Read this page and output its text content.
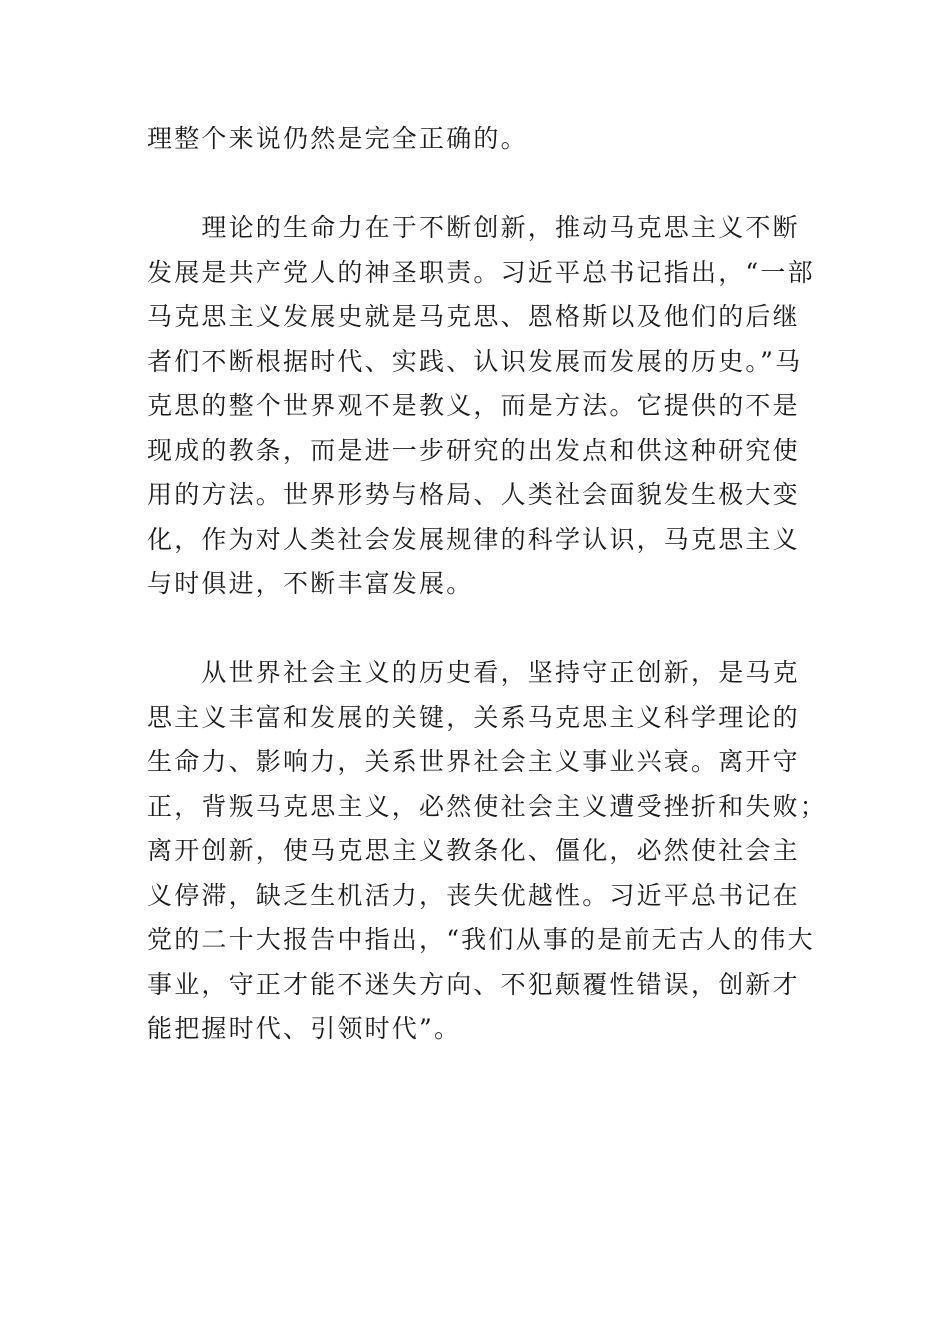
理整个来说仍然是完全正确的。
　　理论的生命力在于不断创新，推动马克思主义不断
发展是共产党人的神圣职责。习近平总书记指出，“一部
马克思主义发展史就是马克思、恩格斯以及他们的后继
者们不断根据时代、实践、认识发展而发展的历史。”马
克思的整个世界观不是教义，而是方法。它提供的不是
现成的教条，而是进一步研究的出发点和供这种研究使
用的方法。世界形势与格局、人类社会面貌发生极大变
化，作为对人类社会发展规律的科学认识，马克思主义
与时俱进，不断丰富发展。
　　从世界社会主义的历史看，坚持守正创新，是马克
思主义丰富和发展的关键，关系马克思主义科学理论的
生命力、影响力，关系世界社会主义事业兴衰。离开守
正，背叛马克思主义，必然使社会主义遭受挫折和失败；
离开创新，使马克思主义教条化、僵化，必然使社会主
义停滞，缺乏生机活力，丧失优越性。习近平总书记在
党的二十大报告中指出，“我们从事的是前无古人的伟大
事业，守正才能不迷失方向、不犯颠覆性错误，创新才
能把握时代、引领时代”。
